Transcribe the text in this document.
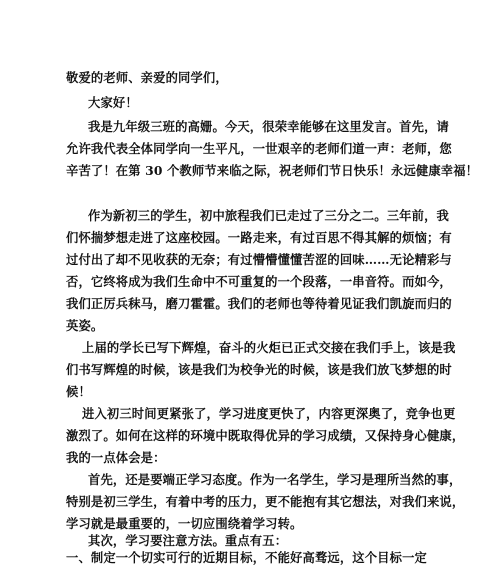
敬爱的老师、亲爱的同学们，
大家好！
我是九年级三班的高姗。今天，很荣幸能够在这里发言。首先，请
允许我代表全体同学向一生平凡，一世艰辛的老师们道一声：老师，您
辛苦了！在第 30 个教师节来临之际，祝老师们节日快乐！永远健康幸福！
作为新初三的学生，初中旅程我们已走过了三分之二。三年前，我
们怀揣梦想走进了这座校园。一路走来，有过百思不得其解的烦恼；有
过付出了却不见收获的无奈；有过懵懵懂懂苦涩的回味……无论精彩与
否，它终将成为我们生命中不可重复的一个段落，一串音符。而如今，
我们正厉兵秣马，磨刀霍霍。我们的老师也等待着见证我们凯旋而归的
英姿。
上届的学长已写下辉煌，奋斗的火炬已正式交接在我们手上，该是我
们书写辉煌的时候，该是我们为校争光的时候，该是我们放飞梦想的时
候！
进入初三时间更紧张了，学习进度更快了，内容更深奥了，竞争也更
激烈了。如何在这样的环境中既取得优异的学习成绩，又保持身心健康，
我的一点体会是：
首先，还是要端正学习态度。作为一名学生，学习是理所当然的事，
特别是初三学生，有着中考的压力，更不能抱有其它想法，对我们来说，
学习就是最重要的，一切应围绕着学习转。
其次，学习要注意方法。重点有五：
一、制定一个切实可行的近期目标，不能好高骛远，这个目标一定
